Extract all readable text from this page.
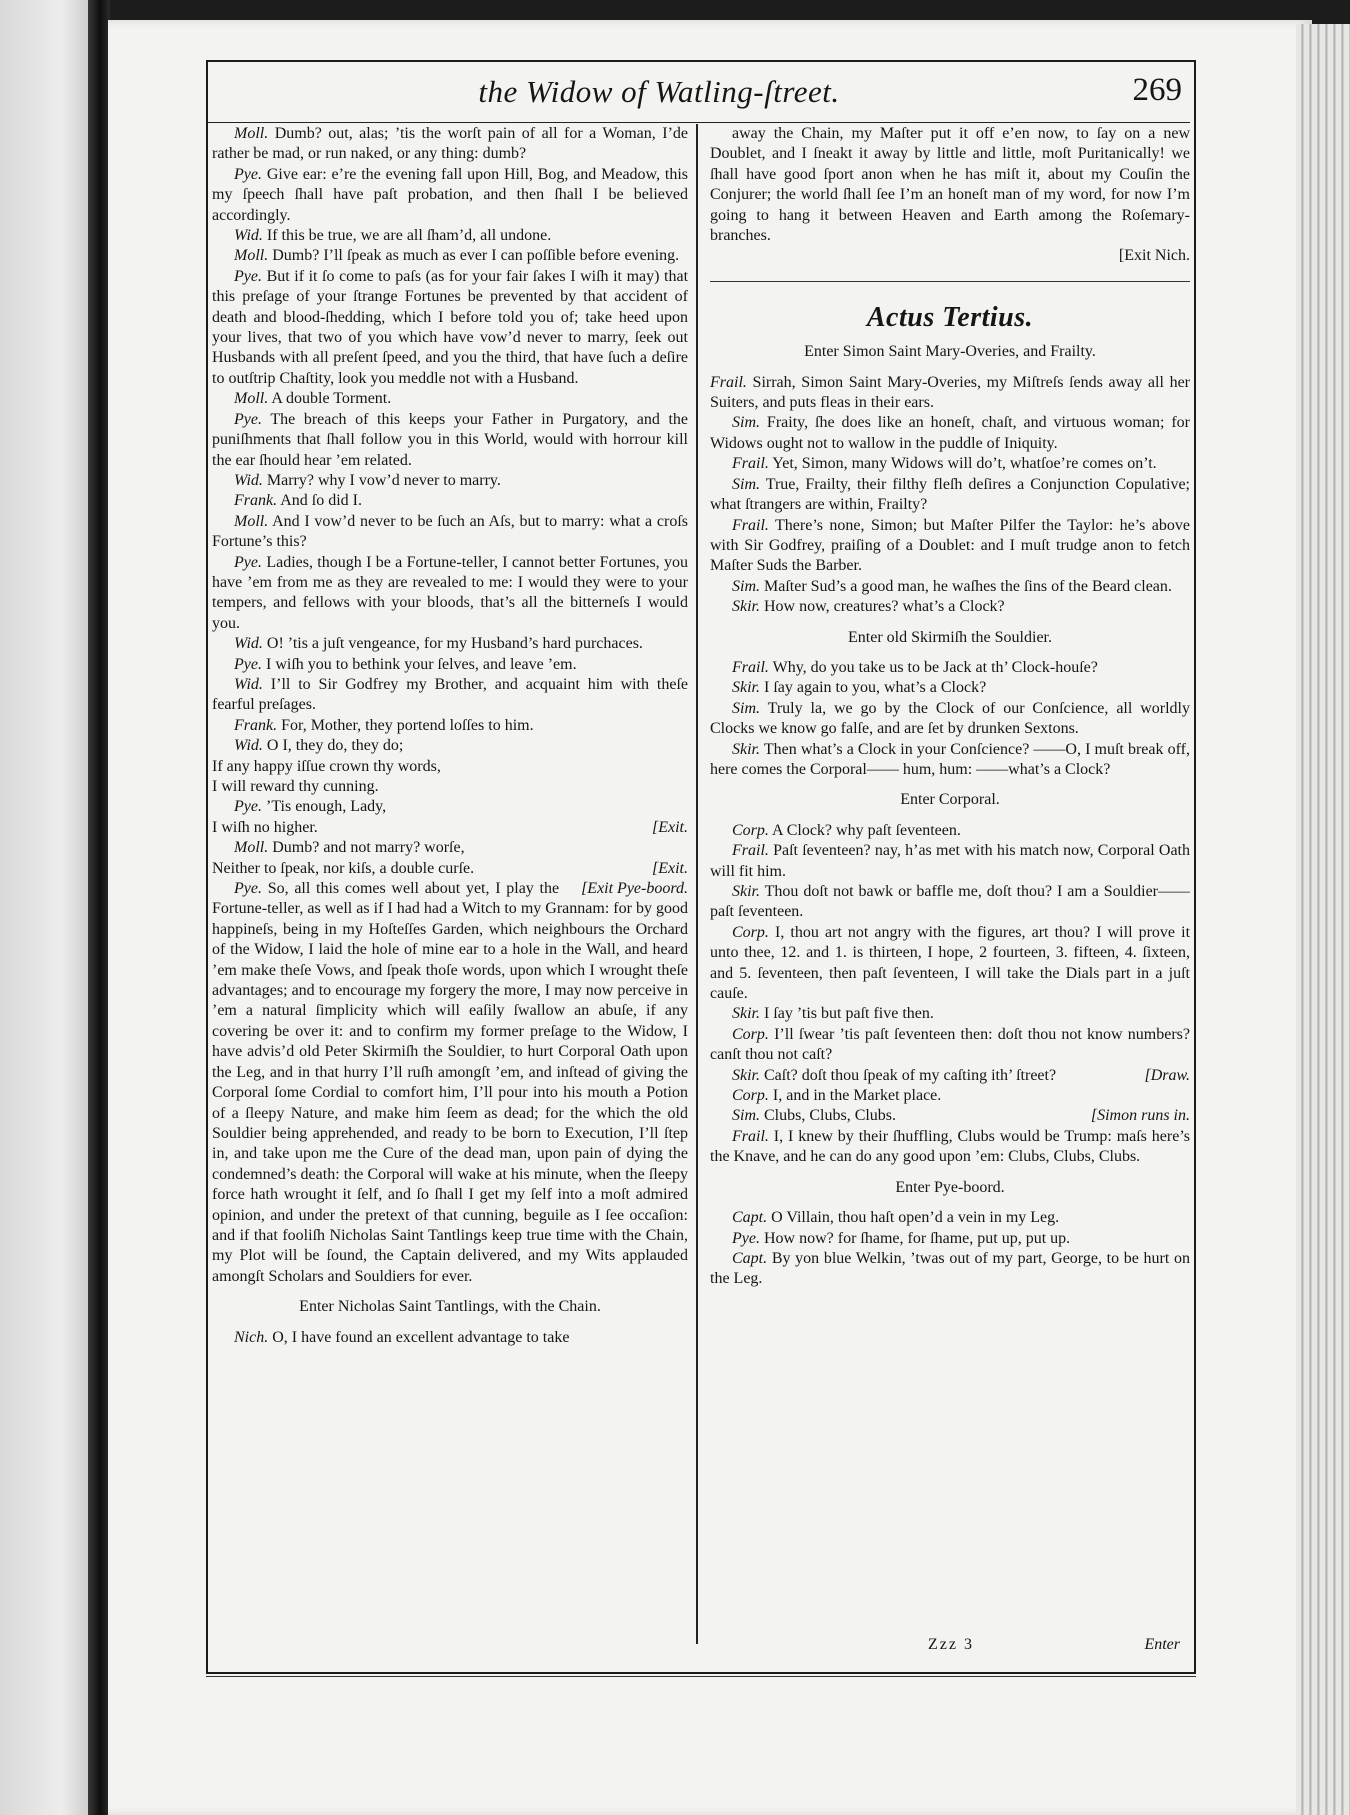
the Widow of Watling-ſtreet.	269

Moll. Dumb? out, alas; ’tis the worſt pain of all for a Woman, I’de rather be mad, or run naked, or any thing: dumb?

Pye. Give ear: e’re the evening fall upon Hill, Bog, and Meadow, this my ſpeech ſhall have paſt probation, and then ſhall I be believed accordingly.

Wid. If this be true, we are all ſham’d, all undone.

Moll. Dumb? I’ll ſpeak as much as ever I can poſſible before evening.

Pye. But if it ſo come to paſs (as for your fair ſakes I wiſh it may) that this preſage of your ſtrange Fortunes be prevented by that accident of death and blood-ſhedding, which I before told you of; take heed upon your lives, that two of you which have vow’d never to marry, ſeek out Husbands with all preſent ſpeed, and you the third, that have ſuch a deſire to outſtrip Chaſtity, look you meddle not with a Husband.

Moll. A double Torment.

Pye. The breach of this keeps your Father in Purgatory, and the puniſhments that ſhall follow you in this World, would with horrour kill the ear ſhould hear ’em related.

Wid. Marry? why I vow’d never to marry.

Frank. And ſo did I.

Moll. And I vow’d never to be ſuch an Aſs, but to marry: what a croſs Fortune’s this?

Pye. Ladies, though I be a Fortune-teller, I cannot better Fortunes, you have ’em from me as they are revealed to me: I would they were to your tempers, and fellows with your bloods, that’s all the bitterneſs I would you.

Wid. O! ’tis a juſt vengeance, for my Husband’s hard purchaces.

Pye. I wiſh you to bethink your ſelves, and leave ’em.

Wid. I’ll to Sir Godfrey my Brother, and acquaint him with theſe fearful preſages.

Frank. For, Mother, they portend loſſes to him.

Wid. O I, they do, they do;
If any happy iſſue crown thy words,
I will reward thy cunning.

Pye. ’Tis enough, Lady,
[Exit.
I wiſh no higher.

Moll. Dumb? and not marry? worſe,
[Exit.
Neither to ſpeak, nor kiſs, a double curſe.

[Exit Pye-boord.
Pye. So, all this comes well about yet, I play the Fortune-teller, as well as if I had had a Witch to my Grannam: for by good happineſs, being in my Hoſteſſes Garden, which neighbours the Orchard of the Widow, I laid the hole of mine ear to a hole in the Wall, and heard ’em make theſe Vows, and ſpeak thoſe words, upon which I wrought theſe advantages; and to encourage my forgery the more, I may now perceive in ’em a natural ſimplicity which will eaſily ſwallow an abuſe, if any covering be over it: and to confirm my former preſage to the Widow, I have advis’d old Peter Skirmiſh the Souldier, to hurt Corporal Oath upon the Leg, and in that hurry I’ll ruſh amongſt ’em, and inſtead of giving the Corporal ſome Cordial to comfort him, I’ll pour into his mouth a Potion of a ſleepy Nature, and make him ſeem as dead; for the which the old Souldier being apprehended, and ready to be born to Execution, I’ll ſtep in, and take upon me the Cure of the dead man, upon pain of dying the condemned’s death: the Corporal will wake at his minute, when the ſleepy force hath wrought it ſelf, and ſo ſhall I get my ſelf into a moſt admired opinion, and under the pretext of that cunning, beguile as I ſee occaſion: and if that fooliſh Nicholas Saint Tantlings keep true time with the Chain, my Plot will be ſound, the Captain delivered, and my Wits applauded amongſt Scholars and Souldiers for ever.

Enter Nicholas Saint Tantlings, with the Chain.

Nich. O, I have found an excellent advantage to take

away the Chain, my Maſter put it off e’en now, to ſay on a new Doublet, and I ſneakt it away by little and little, moſt Puritanically! we ſhall have good ſport anon when he has miſt it, about my Couſin the Conjurer; the world ſhall ſee I’m an honeſt man of my word, for now I’m going to hang it between Heaven and Earth among the Roſemary-branches.

[Exit Nich.

Actus Tertius.

Enter Simon Saint Mary-Overies, and Frailty.

Frail. Sirrah, Simon Saint Mary-Overies, my Miſtreſs ſends away all her Suiters, and puts fleas in their ears.

Sim. Fraity, ſhe does like an honeſt, chaſt, and virtuous woman; for Widows ought not to wallow in the puddle of Iniquity.

Frail. Yet, Simon, many Widows will do’t, whatſoe’re comes on’t.

Sim. True, Frailty, their filthy fleſh deſires a Conjunction Copulative; what ſtrangers are within, Frailty?

Frail. There’s none, Simon; but Maſter Pilfer the Taylor: he’s above with Sir Godfrey, praiſing of a Doublet: and I muſt trudge anon to fetch Maſter Suds the Barber.

Sim. Maſter Sud’s a good man, he waſhes the ſins of the Beard clean.

Skir. How now, creatures? what’s a Clock?

Enter old Skirmiſh the Souldier.

Frail. Why, do you take us to be Jack at th’ Clock-houſe?

Skir. I ſay again to you, what’s a Clock?

Sim. Truly la, we go by the Clock of our Conſcience, all worldly Clocks we know go falſe, and are ſet by drunken Sextons.

Skir. Then what’s a Clock in your Conſcience? ——O, I muſt break off, here comes the Corporal—— hum, hum: ——what’s a Clock?

Enter Corporal.

Corp. A Clock? why paſt ſeventeen.

Frail. Paſt ſeventeen? nay, h’as met with his match now, Corporal Oath will fit him.

Skir. Thou doſt not bawk or baffle me, doſt thou? I am a Souldier——paſt ſeventeen.

Corp. I, thou art not angry with the figures, art thou? I will prove it unto thee, 12. and 1. is thirteen, I hope, 2 fourteen, 3. fifteen, 4. ſixteen, and 5. ſeventeen, then paſt ſeventeen, I will take the Dials part in a juſt cauſe.

Skir. I ſay ’tis but paſt five then.

Corp. I’ll ſwear ’tis paſt ſeventeen then: doſt thou not know numbers? canſt thou not caſt?

[Draw.
Skir. Caſt? doſt thou ſpeak of my caſting ith’ ſtreet?

Corp. I, and in the Market place.

[Simon runs in.
Sim. Clubs, Clubs, Clubs.

Frail. I, I knew by their ſhuffling, Clubs would be Trump: maſs here’s the Knave, and he can do any good upon ’em: Clubs, Clubs, Clubs.

Enter Pye-boord.

Capt. O Villain, thou haſt open’d a vein in my Leg.

Pye. How now? for ſhame, for ſhame, put up, put up.

Capt. By yon blue Welkin, ’twas out of my part, George, to be hurt on the Leg.

Zzz 3	Enter
